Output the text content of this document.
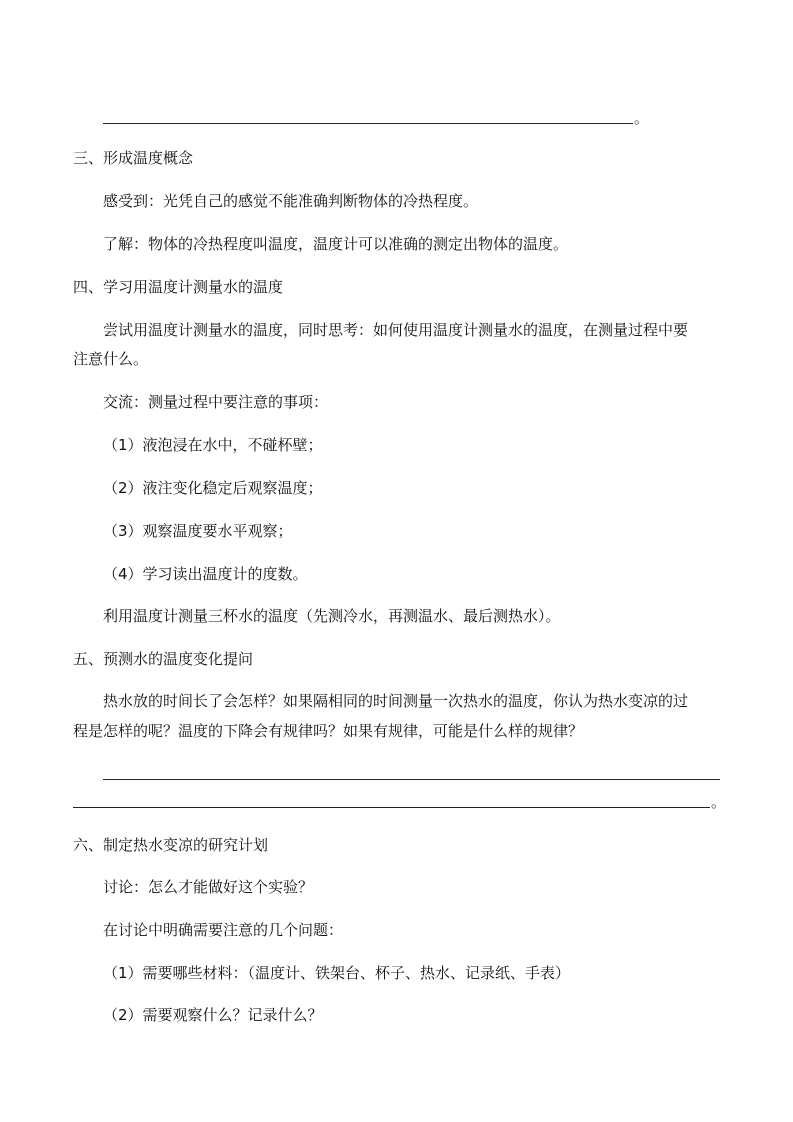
。
三、形成温度概念
感受到：光凭自己的感觉不能准确判断物体的冷热程度。
了解：物体的冷热程度叫温度，温度计可以准确的测定出物体的温度。
四、学习用温度计测量水的温度
尝试用温度计测量水的温度，同时思考：如何使用温度计测量水的温度，在测量过程中要
注意什么。
交流：测量过程中要注意的事项：
（1）液泡浸在水中，不碰杯壁；
（2）液注变化稳定后观察温度；
（3）观察温度要水平观察；
（4）学习读出温度计的度数。
利用温度计测量三杯水的温度（先测冷水，再测温水、最后测热水）。
五、预测水的温度变化提问
热水放的时间长了会怎样？如果隔相同的时间测量一次热水的温度，你认为热水变凉的过
程是怎样的呢？温度的下降会有规律吗？如果有规律，可能是什么样的规律？
。
六、制定热水变凉的研究计划
讨论：怎么才能做好这个实验？
在讨论中明确需要注意的几个问题：
（1）需要哪些材料：（温度计、铁架台、杯子、热水、记录纸、手表）
（2）需要观察什么？记录什么？
